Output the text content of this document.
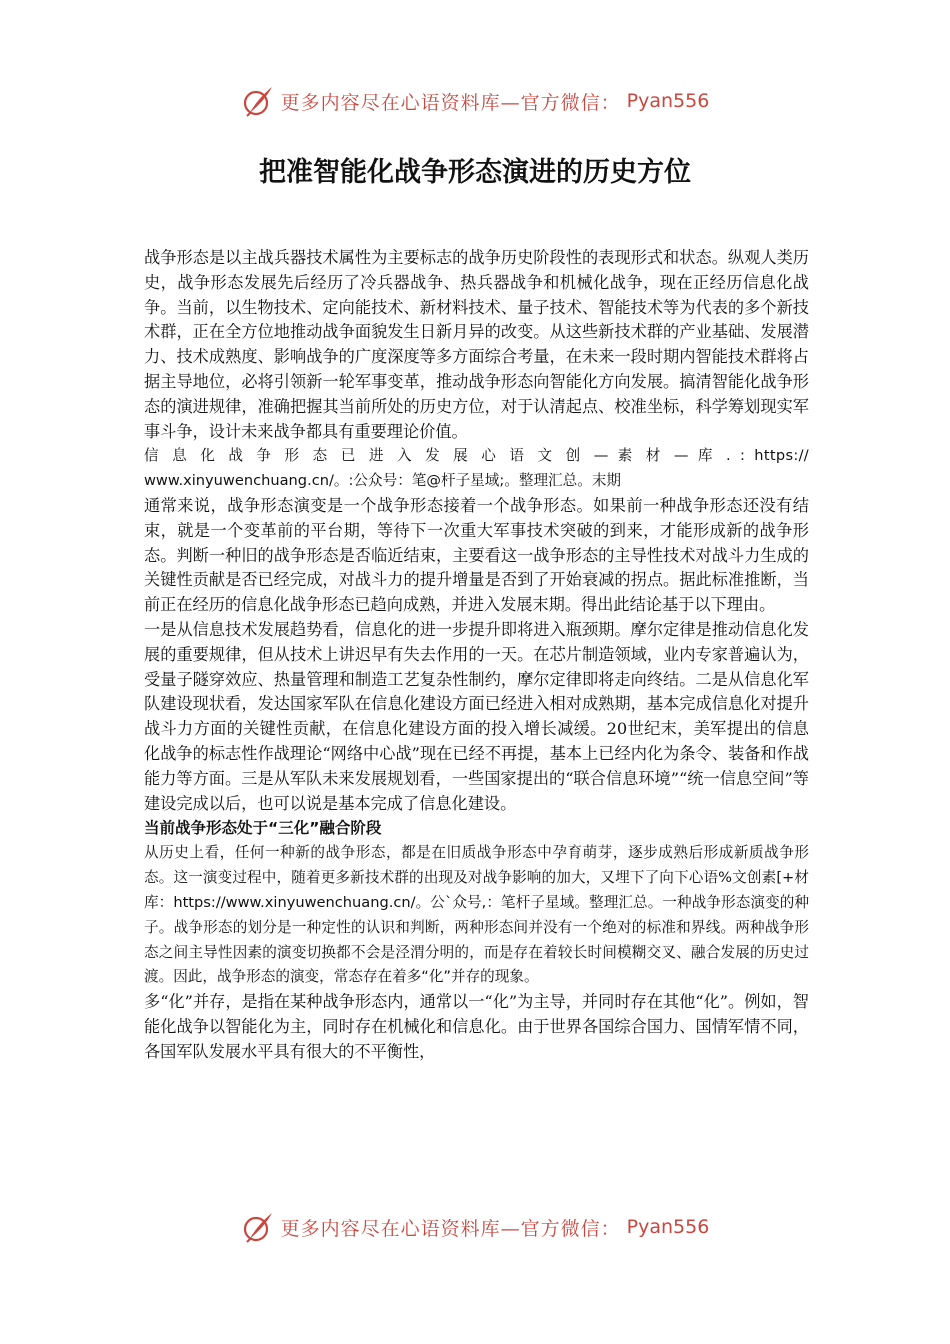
更多内容尽在心语资料库—官方微信： Pyan556
把准智能化战争形态演进的历史方位

战争形态是以主战兵器技术属性为主要标志的战争历史阶段性的表现形式和状态。纵观人类历史，战争形态发展先后经历了冷兵器战争、热兵器战争和机械化战争，现在正经历信息化战争。当前，以生物技术、定向能技术、新材料技术、量子技术、智能技术等为代表的多个新技术群，正在全方位地推动战争面貌发生日新月异的改变。从这些新技术群的产业基础、发展潜力、技术成熟度、影响战争的广度深度等多方面综合考量，在未来一段时期内智能技术群将占据主导地位，必将引领新一轮军事变革，推动战争形态向智能化方向发展。搞清智能化战争形态的演进规律，准确把握其当前所处的历史方位，对于认清起点、校准坐标，科学筹划现实军事斗争，设计未来战争都具有重要理论价值。

信 息 化 战 争 形 态 已 进 入 发 展 心 语 文 创 — 素 材 — 库 . : https://

www.xinyuwenchuang.cn/。:公众号：笔@杆子星域;。整理汇总。末期

通常来说，战争形态演变是一个战争形态接着一个战争形态。如果前一种战争形态还没有结束，就是一个变革前的平台期，等待下一次重大军事技术突破的到来，才能形成新的战争形态。判断一种旧的战争形态是否临近结束，主要看这一战争形态的主导性技术对战斗力生成的关键性贡献是否已经完成，对战斗力的提升增量是否到了开始衰减的拐点。据此标准推断，当前正在经历的信息化战争形态已趋向成熟，并进入发展末期。得出此结论基于以下理由。

一是从信息技术发展趋势看，信息化的进一步提升即将进入瓶颈期。摩尔定律是推动信息化发展的重要规律，但从技术上讲迟早有失去作用的一天。在芯片制造领域，业内专家普遍认为，受量子隧穿效应、热量管理和制造工艺复杂性制约，摩尔定律即将走向终结。二是从信息化军队建设现状看，发达国家军队在信息化建设方面已经进入相对成熟期，基本完成信息化对提升战斗力方面的关键性贡献，在信息化建设方面的投入增长减缓。20世纪末，美军提出的信息化战争的标志性作战理论“网络中心战”现在已经不再提，基本上已经内化为条令、装备和作战能力等方面。三是从军队未来发展规划看，一些国家提出的“联合信息环境”“统一信息空间”等建设完成以后，也可以说是基本完成了信息化建设。

当前战争形态处于“三化”融合阶段

从历史上看，任何一种新的战争形态，都是在旧质战争形态中孕育萌芽，逐步成熟后形成新质战争形态。这一演变过程中，随着更多新技术群的出现及对战争影响的加大，又埋下了向下心语%文创素[+材库：https://www.xinyuwenchuang.cn/。公`众号,：笔杆子星域。整理汇总。一种战争形态演变的种子。战争形态的划分是一种定性的认识和判断，两种形态间并没有一个绝对的标准和界线。两种战争形态之间主导性因素的演变切换都不会是泾渭分明的，而是存在着较长时间模糊交叉、融合发展的历史过渡。因此，战争形态的演变，常态存在着多“化”并存的现象。

多“化”并存，是指在某种战争形态内，通常以一“化”为主导，并同时存在其他“化”。例如，智能化战争以智能化为主，同时存在机械化和信息化。由于世界各国综合国力、国情军情不同，各国军队发展水平具有很大的不平衡性，

更多内容尽在心语资料库—官方微信： Pyan556
